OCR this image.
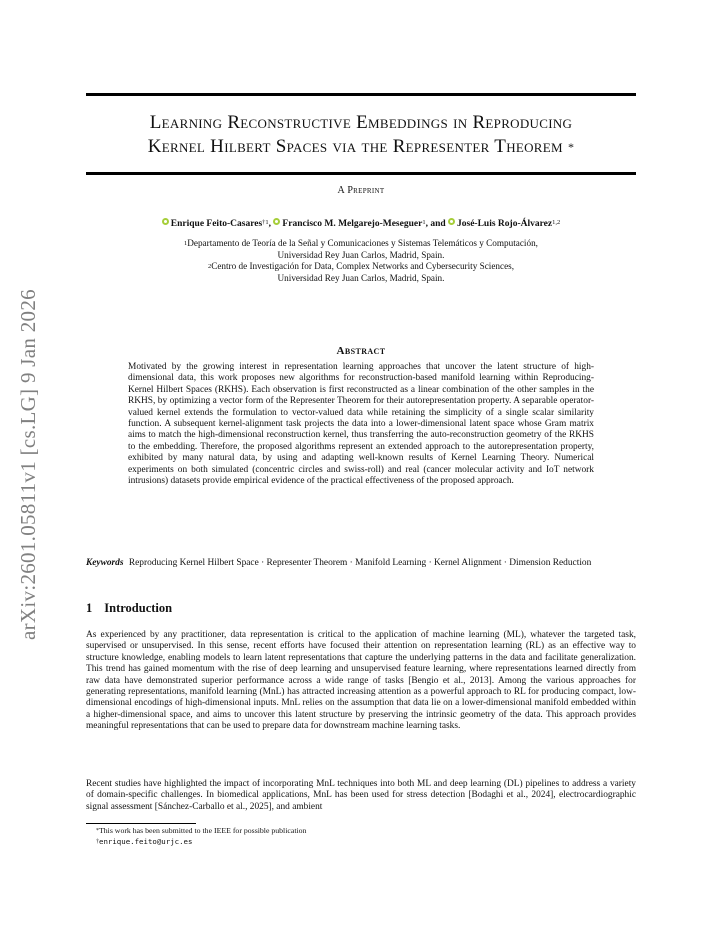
arXiv:2601.05811v1 [cs.LG] 9 Jan 2026
Learning Reconstructive Embeddings in Reproducing
Kernel Hilbert Spaces via the Representer Theorem *
A Preprint
Enrique Feito-Casares$^{\dagger 1}$, Francisco M. Melgarejo-Meseguer$^1$, and José-Luis Rojo-Álvarez$^{1,2}$
$^1$Departamento de Teoría de la Señal y Comunicaciones y Sistemas Telemáticos y Computación,
Universidad Rey Juan Carlos, Madrid, Spain.
$^2$Centro de Investigación for Data, Complex Networks and Cybersecurity Sciences,
Universidad Rey Juan Carlos, Madrid, Spain.
Abstract
Motivated by the growing interest in representation learning approaches that uncover the latent structure of high-dimensional data, this work proposes new algorithms for reconstruction-based manifold learning within Reproducing-Kernel Hilbert Spaces (RKHS). Each observation is first reconstructed as a linear combination of the other samples in the RKHS, by optimizing a vector form of the Representer Theorem for their autorepresentation property. A separable operator-valued kernel extends the formulation to vector-valued data while retaining the simplicity of a single scalar similarity function. A subsequent kernel-alignment task projects the data into a lower-dimensional latent space whose Gram matrix aims to match the high-dimensional reconstruction kernel, thus transferring the auto-reconstruction geometry of the RKHS to the embedding. Therefore, the proposed algorithms represent an extended approach to the autorepresentation property, exhibited by many natural data, by using and adapting well-known results of Kernel Learning Theory. Numerical experiments on both simulated (concentric circles and swiss-roll) and real (cancer molecular activity and IoT network intrusions) datasets provide empirical evidence of the practical effectiveness of the proposed approach.
Keywords Reproducing Kernel Hilbert Space · Representer Theorem · Manifold Learning · Kernel Alignment · Dimension Reduction
1 Introduction
As experienced by any practitioner, data representation is critical to the application of machine learning (ML), whatever the targeted task, supervised or unsupervised. In this sense, recent efforts have focused their attention on representation learning (RL) as an effective way to structure knowledge, enabling models to learn latent representations that capture the underlying patterns in the data and facilitate generalization. This trend has gained momentum with the rise of deep learning and unsupervised feature learning, where representations learned directly from raw data have demonstrated superior performance across a wide range of tasks [Bengio et al., 2013]. Among the various approaches for generating representations, manifold learning (MnL) has attracted increasing attention as a powerful approach to RL for producing compact, low-dimensional encodings of high-dimensional inputs. MnL relies on the assumption that data lie on a lower-dimensional manifold embedded within a higher-dimensional space, and aims to uncover this latent structure by preserving the intrinsic geometry of the data. This approach provides meaningful representations that can be used to prepare data for downstream machine learning tasks.
Recent studies have highlighted the impact of incorporating MnL techniques into both ML and deep learning (DL) pipelines to address a variety of domain-specific challenges. In biomedical applications, MnL has been used for stress detection [Bodaghi et al., 2024], electrocardiographic signal assessment [Sánchez-Carballo et al., 2025], and ambient
*This work has been submitted to the IEEE for possible publication
†enrique.feito@urjc.es
